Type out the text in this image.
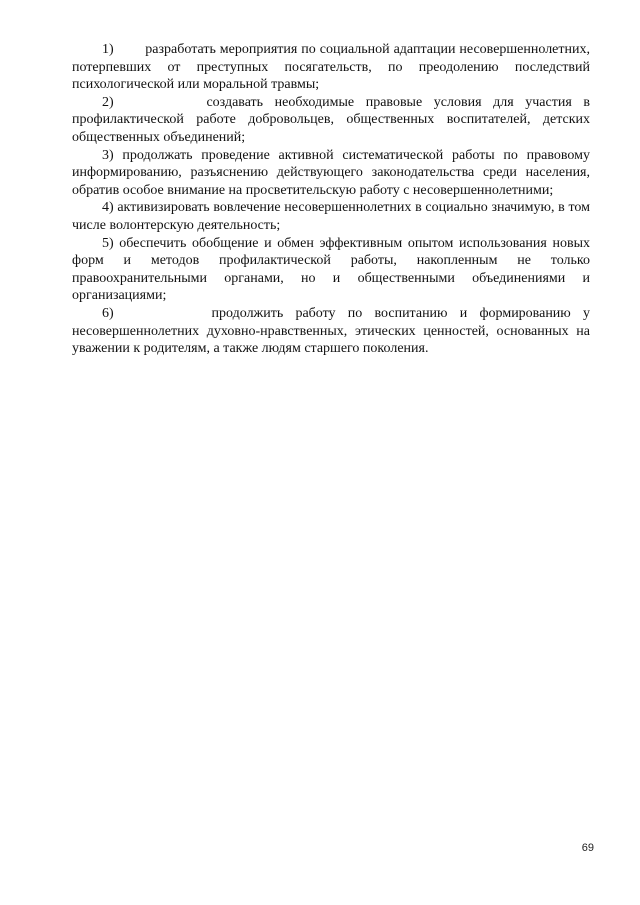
1)        разработать мероприятия по социальной адаптации несовершеннолетних, потерпевших от преступных посягательств, по преодолению последствий психологической или моральной травмы;

2)        создавать необходимые правовые условия для участия в профилактической работе добровольцев, общественных воспитателей, детских общественных объединений;

3) продолжать проведение активной систематической работы по правовому информированию, разъяснению действующего законодательства среди населения, обратив особое внимание на просветительскую работу с несовершеннолетними;

4) активизировать вовлечение несовершеннолетних в социально значимую, в том числе волонтерскую деятельность;

5) обеспечить обобщение и обмен эффективным опытом использования новых форм и методов профилактической работы, накопленным не только правоохранительными органами, но и общественными объединениями и организациями;

6)        продолжить работу по воспитанию и формированию у несовершеннолетних духовно-нравственных, этических ценностей, основанных на уважении к родителям, а также людям старшего поколения.

69
